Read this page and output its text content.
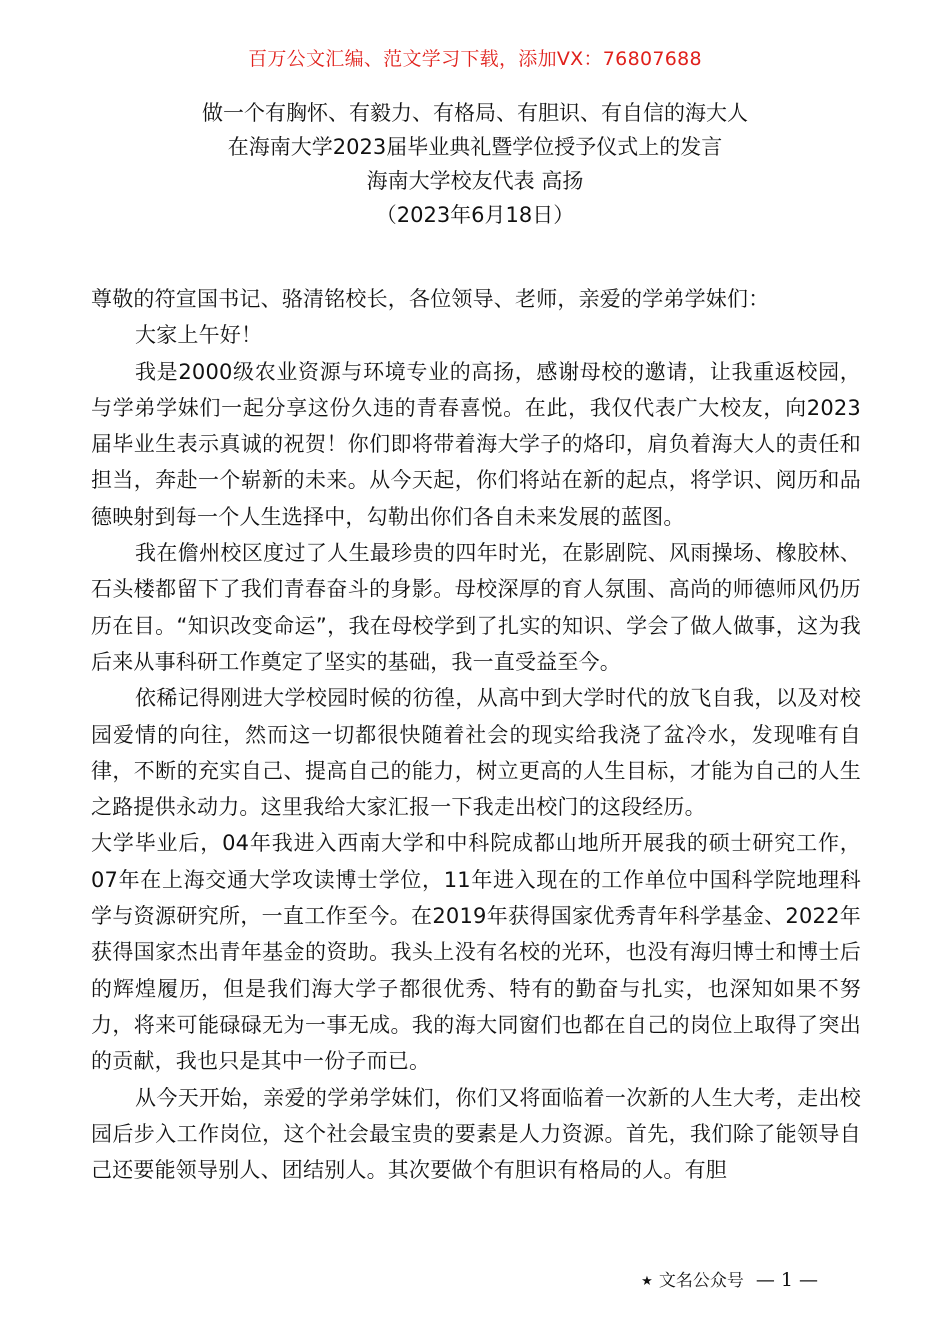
百万公文汇编、范文学习下载，添加VX：76807688

做一个有胸怀、有毅力、有格局、有胆识、有自信的海大人

在海南大学2023届毕业典礼暨学位授予仪式上的发言

海南大学校友代表 高扬

（2023年6月18日）

尊敬的符宣国书记、骆清铭校长，各位领导、老师，亲爱的学弟学妹们：

大家上午好！

我是2000级农业资源与环境专业的高扬，感谢母校的邀请，让我重返校园，与学弟学妹们一起分享这份久违的青春喜悦。在此，我仅代表广大校友，向2023届毕业生表示真诚的祝贺！你们即将带着海大学子的烙印，肩负着海大人的责任和担当，奔赴一个崭新的未来。从今天起，你们将站在新的起点，将学识、阅历和品德映射到每一个人生选择中，勾勒出你们各自未来发展的蓝图。

我在儋州校区度过了人生最珍贵的四年时光，在影剧院、风雨操场、橡胶林、石头楼都留下了我们青春奋斗的身影。母校深厚的育人氛围、高尚的师德师风仍历历在目。“知识改变命运”，我在母校学到了扎实的知识、学会了做人做事，这为我后来从事科研工作奠定了坚实的基础，我一直受益至今。

依稀记得刚进大学校园时候的彷徨，从高中到大学时代的放飞自我，以及对校园爱情的向往，然而这一切都很快随着社会的现实给我浇了盆冷水，发现唯有自律，不断的充实自己、提高自己的能力，树立更高的人生目标，才能为自己的人生之路提供永动力。这里我给大家汇报一下我走出校门的这段经历。

大学毕业后，04年我进入西南大学和中科院成都山地所开展我的硕士研究工作，07年在上海交通大学攻读博士学位，11年进入现在的工作单位中国科学院地理科学与资源研究所，一直工作至今。在2019年获得国家优秀青年科学基金、2022年获得国家杰出青年基金的资助。我头上没有名校的光环，也没有海归博士和博士后的辉煌履历，但是我们海大学子都很优秀、特有的勤奋与扎实，也深知如果不努力，将来可能碌碌无为一事无成。我的海大同窗们也都在自己的岗位上取得了突出的贡献，我也只是其中一份子而已。

从今天开始，亲爱的学弟学妹们，你们又将面临着一次新的人生大考，走出校园后步入工作岗位，这个社会最宝贵的要素是人力资源。首先，我们除了能领导自己还要能领导别人、团结别人。其次要做个有胆识有格局的人。有胆

★ 文名公众号 — 1 —
